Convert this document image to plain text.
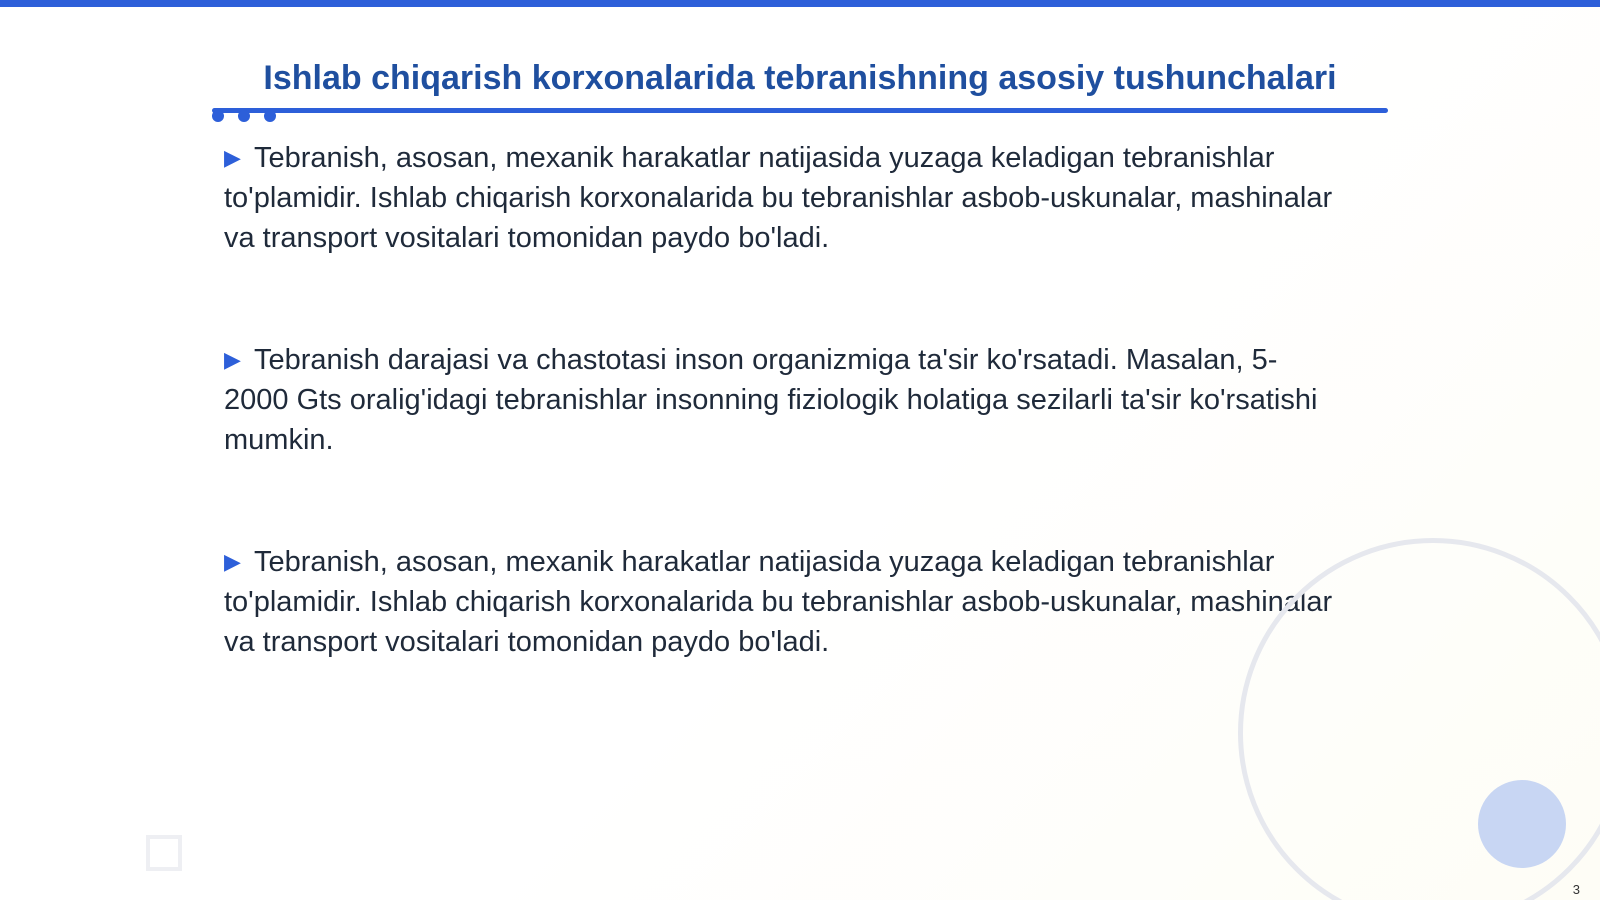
Ishlab chiqarish korxonalarida tebranishning asosiy tushunchalari

▶ Tebranish, asosan, mexanik harakatlar natijasida yuzaga keladigan tebranishlar to'plamidir. Ishlab chiqarish korxonalarida bu tebranishlar asbob-uskunalar, mashinalar va transport vositalari tomonidan paydo bo'ladi.

▶ Tebranish darajasi va chastotasi inson organizmiga ta'sir ko'rsatadi. Masalan, 5-2000 Gts oralig'idagi tebranishlar insonning fiziologik holatiga sezilarli ta'sir ko'rsatishi mumkin.

▶ Tebranish, asosan, mexanik harakatlar natijasida yuzaga keladigan tebranishlar to'plamidir. Ishlab chiqarish korxonalarida bu tebranishlar asbob-uskunalar, mashinalar va transport vositalari tomonidan paydo bo'ladi.

3
